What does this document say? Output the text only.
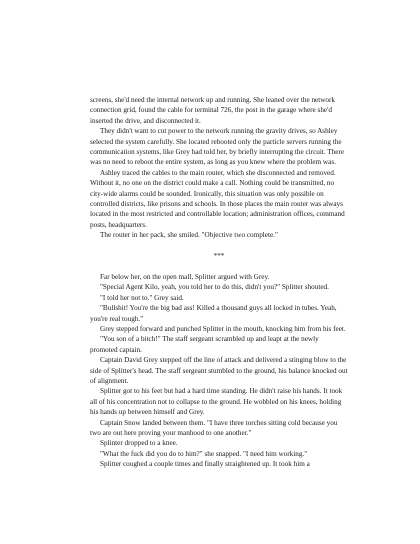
screens, she'd need the internal network up and running. She leaned over the network connection grid, found the cable for terminal 726, the post in the garage where she'd inserted the drive, and disconnected it.

They didn't want to cut power to the network running the gravity drives, so Ashley selected the system carefully. She located rebooted only the particle servers running the communication systems, like Grey had told her, by briefly interrupting the circuit. There was no need to reboot the entire system, as long as you knew where the problem was.

Ashley traced the cables to the main router, which she disconnected and removed. Without it, no one on the district could make a call. Nothing could be transmitted, no city-wide alarms could be sounded. Ironically, this situation was only possible on controlled districts, like prisons and schools. In those places the main router was always located in the most restricted and controllable location; administration offices, command posts, headquarters.

The router in her pack, she smiled. "Objective two complete."

***

Far below her, on the open mall, Splitter argued with Grey.

"Special Agent Kilo, yeah, you told her to do this, didn't you?" Splitter shouted.

"I told her not to." Grey said.

"Bullshit! You're the big bad ass! Killed a thousand guys all locked in tubes. Yeah, you're real tough."

Grey stepped forward and punched Splitter in the mouth, knocking him from his feet.

"You son of a bitch!" The staff sergeant scrambled up and leapt at the newly promoted captain.

Captain David Grey stepped off the line of attack and delivered a stinging blow to the side of Splitter's head. The staff sergeant stumbled to the ground, his balance knocked out of alignment.

Splitter got to his feet but had a hard time standing. He didn't raise his hands. It took all of his concentration not to collapse to the ground. He wobbled on his knees, holding his hands up between himself and Grey.

Captain Snow landed between them. "I have three torches sitting cold because you two are out here proving your manhood to one another."

Splinter dropped to a knee.

"What the fuck did you do to him?" she snapped. "I need him working."

Splitter coughed a couple times and finally straightened up. It took him a
